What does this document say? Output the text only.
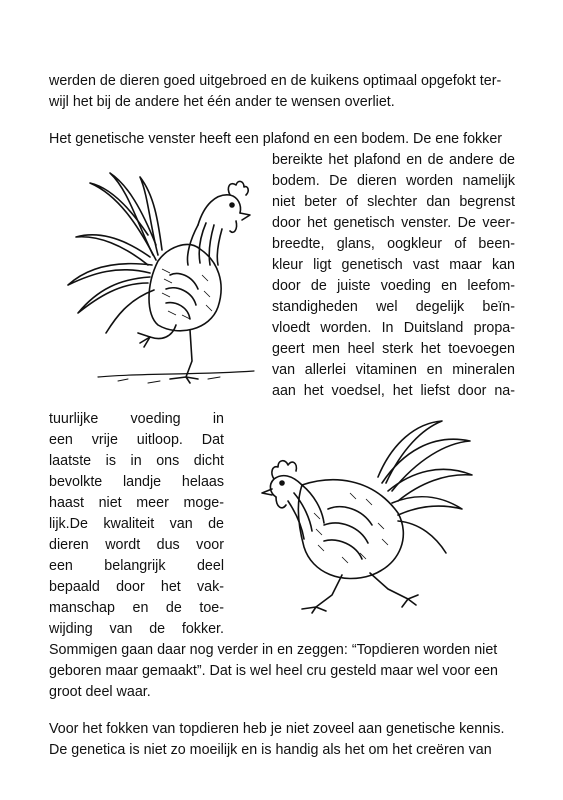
werden de dieren goed uitgebroed en de kuikens optimaal opgefokt ter-
wijl het bij de andere het één ander te wensen overliet.
Het genetische venster heeft een plafond en een bodem. De ene fokker
bereikte het plafond en de andere de
bodem. De dieren worden namelijk
niet beter of slechter dan begrenst
door het genetisch venster. De veer-
breedte, glans, oogkleur of been-
kleur ligt genetisch vast maar kan
door de juiste voeding en leefom-
standigheden wel degelijk beïn-
vloedt worden. In Duitsland propa-
geert men heel sterk het toevoegen
van allerlei vitaminen en mineralen
aan het voedsel, het liefst door na-
tuurlijke voeding in
een vrije uitloop. Dat
laatste is in ons dicht
bevolkte landje helaas
haast niet meer moge-
lijk.De kwaliteit van de
dieren wordt dus voor
een belangrijk deel
bepaald door het vak-
manschap en de toe-
wijding van de fokker.
Sommigen gaan daar nog verder in en zeggen: “Topdieren worden niet
geboren maar gemaakt”. Dat is wel heel cru gesteld maar wel voor een
groot deel waar.
Voor het fokken van topdieren heb je niet zoveel aan genetische kennis.
De genetica is niet zo moeilijk en is handig als het om het creëren van
